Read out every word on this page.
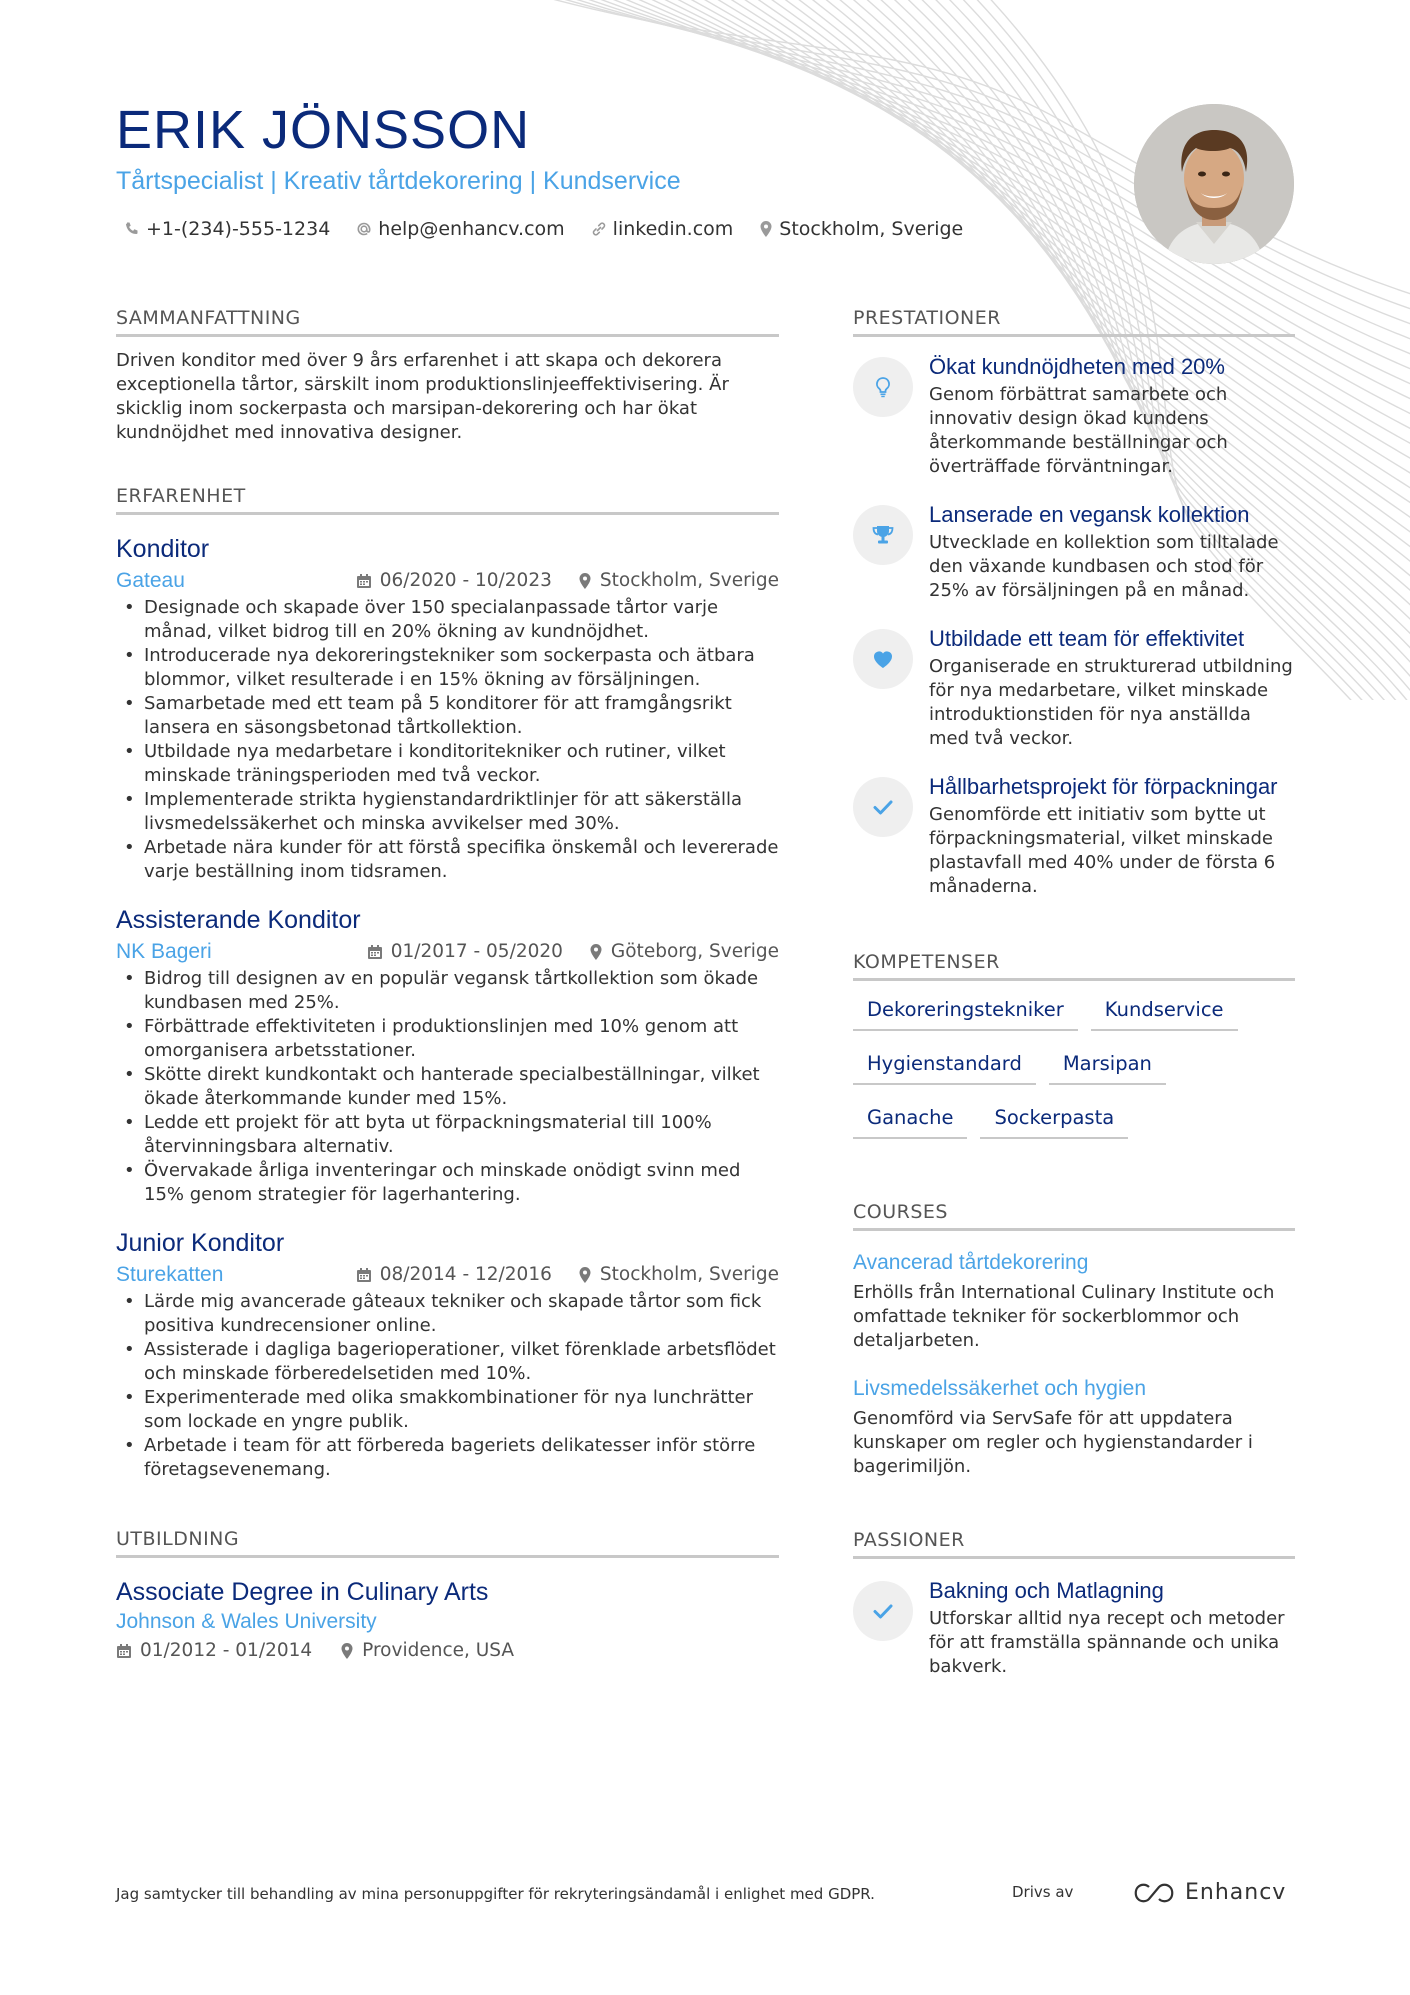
ERIK JÖNSSON
Tårtspecialist | Kreativ tårtdekorering | Kundservice
+1-(234)-555-1234	help@enhancv.com	linkedin.com Stockholm, Sverige
SAMMANFATTNING
Driven konditor med över 9 års erfarenhet i att skapa och dekorera exceptionella tårtor, särskilt inom produktionslinjeeffektivisering. Är skicklig inom sockerpasta och marsipan-dekorering och har ökat kundnöjdhet med innovativa designer.
ERFARENHET
Konditor
Gateau	06/2020 - 10/2023	Stockholm, Sverige
• Designade och skapade över 150 specialanpassade tårtor varje månad, vilket bidrog till en 20% ökning av kundnöjdhet.
• Introducerade nya dekoreringstekniker som sockerpasta och ätbara blommor, vilket resulterade i en 15% ökning av försäljningen.
• Samarbetade med ett team på 5 konditorer för att framgångsrikt lansera en säsongsbetonad tårtkollektion.
• Utbildade nya medarbetare i konditoritekniker och rutiner, vilket minskade träningsperioden med två veckor.
• Implementerade strikta hygienstandardriktlinjer för att säkerställa livsmedelssäkerhet och minska avvikelser med 30%.
• Arbetade nära kunder för att förstå specifika önskemål och levererade varje beställning inom tidsramen.
Assisterande Konditor
NK Bageri	01/2017 - 05/2020	Göteborg, Sverige
• Bidrog till designen av en populär vegansk tårtkollektion som ökade kundbasen med 25%.
• Förbättrade effektiviteten i produktionslinjen med 10% genom att omorganisera arbetsstationer.
• Skötte direkt kundkontakt och hanterade specialbeställningar, vilket ökade återkommande kunder med 15%.
• Ledde ett projekt för att byta ut förpackningsmaterial till 100% återvinningsbara alternativ.
• Övervakade årliga inventeringar och minskade onödigt svinn med 15% genom strategier för lagerhantering.
Junior Konditor
Sturekatten	08/2014 - 12/2016	Stockholm, Sverige
• Lärde mig avancerade gâteaux tekniker och skapade tårtor som fick positiva kundrecensioner online.
• Assisterade i dagliga bagerioperationer, vilket förenklade arbetsflödet och minskade förberedelsetiden med 10%.
• Experimenterade med olika smakkombinationer för nya lunchrätter som lockade en yngre publik.
• Arbetade i team för att förbereda bageriets delikatesser inför större företagsevenemang.
UTBILDNING
Associate Degree in Culinary Arts
Johnson & Wales University
01/2012 - 01/2014	Providence, USA
PRESTATIONER
Ökat kundnöjdheten med 20%
Genom förbättrat samarbete och innovativ design ökad kundens återkommande beställningar och överträffade förväntningar.
Lanserade en vegansk kollektion
Utvecklade en kollektion som tilltalade den växande kundbasen och stod för 25% av försäljningen på en månad.
Utbildade ett team för effektivitet
Organiserade en strukturerad utbildning för nya medarbetare, vilket minskade introduktionstiden för nya anställda med två veckor.
Hållbarhetsprojekt för förpackningar
Genomförde ett initiativ som bytte ut förpackningsmaterial, vilket minskade plastavfall med 40% under de första 6 månaderna.
KOMPETENSER
Dekoreringstekniker	Kundservice
Hygienstandard	Marsipan
Ganache	Sockerpasta
COURSES
Avancerad tårtdekorering
Erhölls från International Culinary Institute och omfattade tekniker för sockerblommor och detaljarbeten.
Livsmedelssäkerhet och hygien
Genomförd via ServSafe för att uppdatera kunskaper om regler och hygienstandarder i bagerimiljön.
PASSIONER
Bakning och Matlagning
Utforskar alltid nya recept och metoder för att framställa spännande och unika bakverk.
Jag samtycker till behandling av mina personuppgifter för rekryteringsändamål i enlighet med GDPR.	Drivs av	Enhancv
